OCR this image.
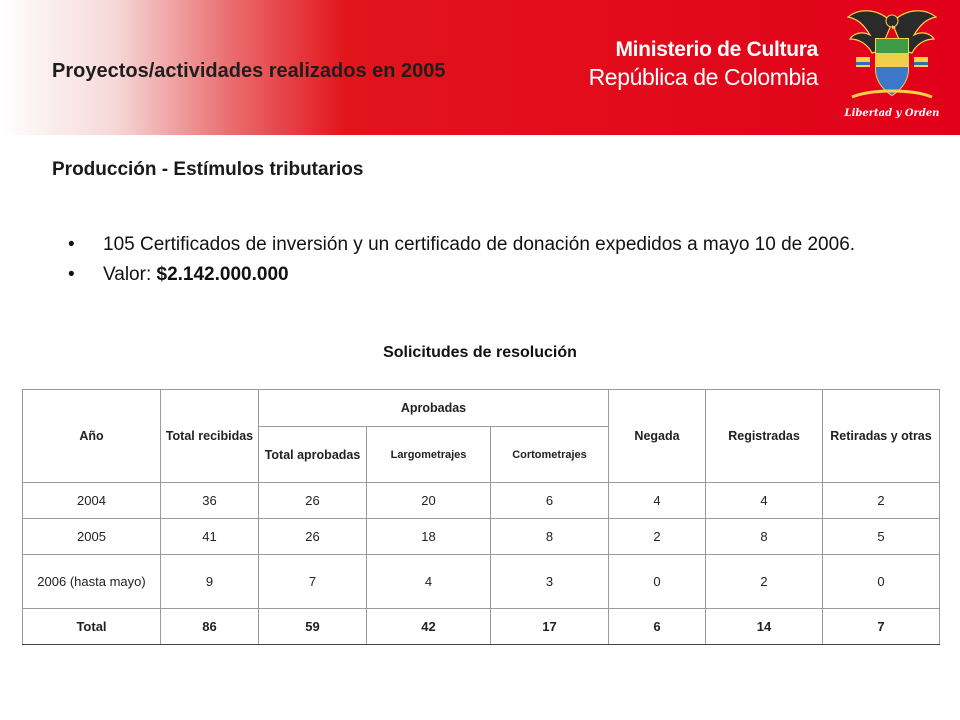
Proyectos/actividades realizados en 2005
Ministerio de Cultura
República de Colombia
Libertad y Orden
Producción - Estímulos tributarios
• 105 Certificados de inversión y un certificado de donación expedidos a mayo 10 de 2006.
• Valor: $2.142.000.000
Solicitudes de resolución
Año	Total recibidas	Aprobadas			Negada	Registradas	Retiradas y otras
		Total aprobadas	Largometrajes	Cortometrajes			
2004	36	26	20	6	4	4	2
2005	41	26	18	8	2	8	5
2006 (hasta mayo)	9	7	4	3	0	2	0
Total	86	59	42	17	6	14	7
